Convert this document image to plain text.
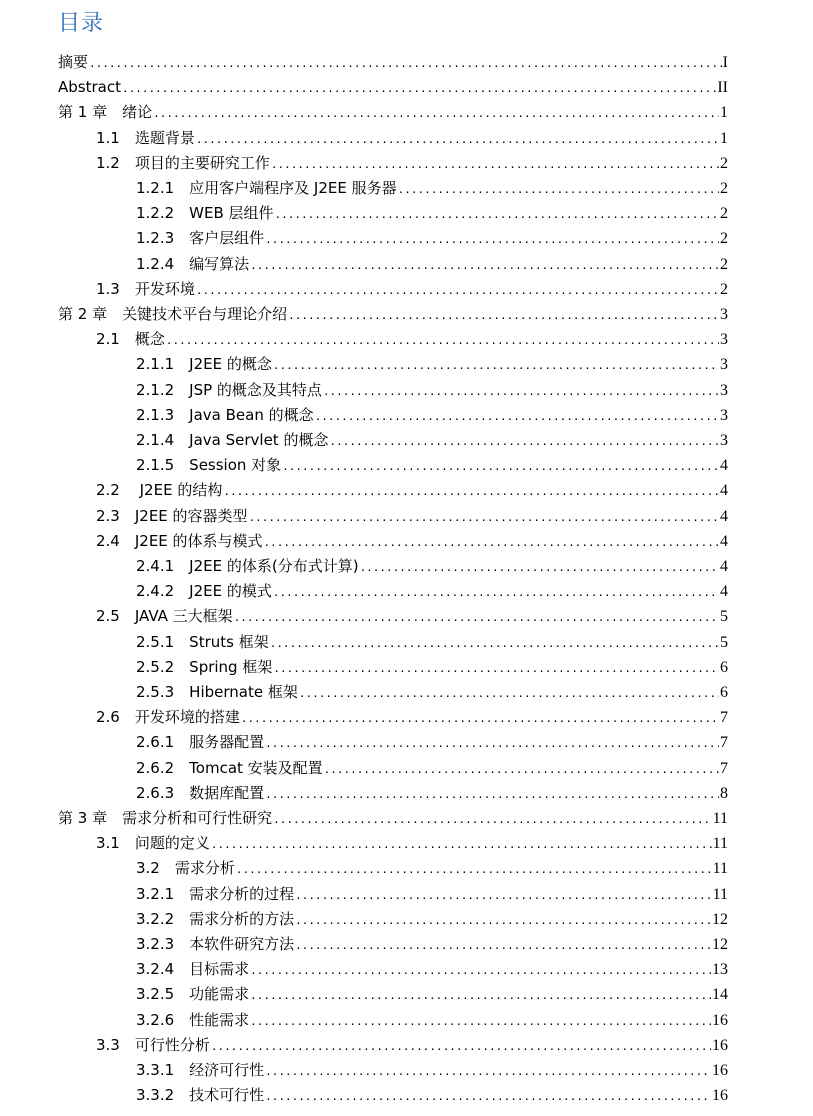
目录
摘要 .....	I
Abstract .....	II
第 1 章　绪论 .....	1
1.1　选题背景 .....	1
1.2　项目的主要研究工作 .....	2
1.2.1　应用客户端程序及 J2EE 服务器 .....	2
1.2.2　WEB 层组件 .....	2
1.2.3　客户层组件 .....	2
1.2.4　编写算法 .....	2
1.3　开发环境 .....	2
第 2 章　关键技术平台与理论介绍 .....	3
2.1　概念 .....	3
2.1.1　J2EE 的概念 .....	3
2.1.2　JSP 的概念及其特点 .....	3
2.1.3　Java Bean 的概念 .....	3
2.1.4　Java Servlet 的概念 .....	3
2.1.5　Session 对象 .....	4
2.2　 J2EE 的结构 .....	4
2.3　J2EE 的容器类型 .....	4
2.4　J2EE 的体系与模式 .....	4
2.4.1　J2EE 的体系(分布式计算) .....	4
2.4.2　J2EE 的模式 .....	4
2.5　JAVA 三大框架 .....	5
2.5.1　Struts 框架 .....	5
2.5.2　Spring 框架 .....	6
2.5.3　Hibernate 框架 .....	6
2.6　开发环境的搭建 .....	7
2.6.1　服务器配置 .....	7
2.6.2　Tomcat 安装及配置 .....	7
2.6.3　数据库配置 .....	8
第 3 章　需求分析和可行性研究 .....	11
3.1　问题的定义 .....	11
3.2　需求分析 .....	11
3.2.1　需求分析的过程 .....	11
3.2.2　需求分析的方法 .....	12
3.2.3　本软件研究方法 .....	12
3.2.4　目标需求 .....	13
3.2.5　功能需求 .....	14
3.2.6　性能需求 .....	16
3.3　可行性分析 .....	16
3.3.1　经济可行性 .....	16
3.3.2　技术可行性 .....	16
